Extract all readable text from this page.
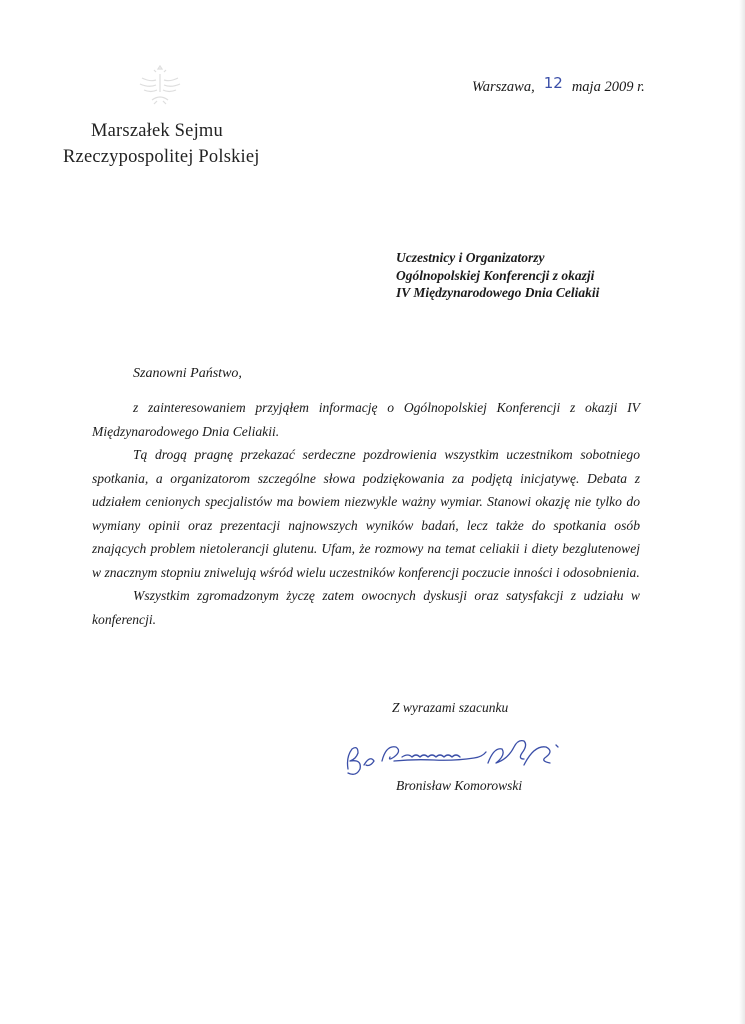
Marszałek Sejmu
Rzeczypospolitej Polskiej
Warszawa, 12 maja 2009 r.
Uczestnicy i Organizatorzy
Ogólnopolskiej Konferencji z okazji
IV Międzynarodowego Dnia Celiakii
Szanowni Państwo,

z zainteresowaniem przyjąłem informację o Ogólnopolskiej Konferencji z okazji IV Międzynarodowego Dnia Celiakii.

Tą drogą pragnę przekazać serdeczne pozdrowienia wszystkim uczestnikom sobotniego spotkania, a organizatorom szczególne słowa podziękowania za podjętą inicjatywę. Debata z udziałem cenionych specjalistów ma bowiem niezwykle ważny wymiar. Stanowi okazję nie tylko do wymiany opinii oraz prezentacji najnowszych wyników badań, lecz także do spotkania osób znających problem nietolerancji glutenu. Ufam, że rozmowy na temat celiakii i diety bezglutenowej w znacznym stopniu zniwelują wśród wielu uczestników konferencji poczucie inności i odosobnienia.

Wszystkim zgromadzonym życzę zatem owocnych dyskusji oraz satysfakcji z udziału w konferencji.

Z wyrazami szacunku
Bronisław Komorowski
